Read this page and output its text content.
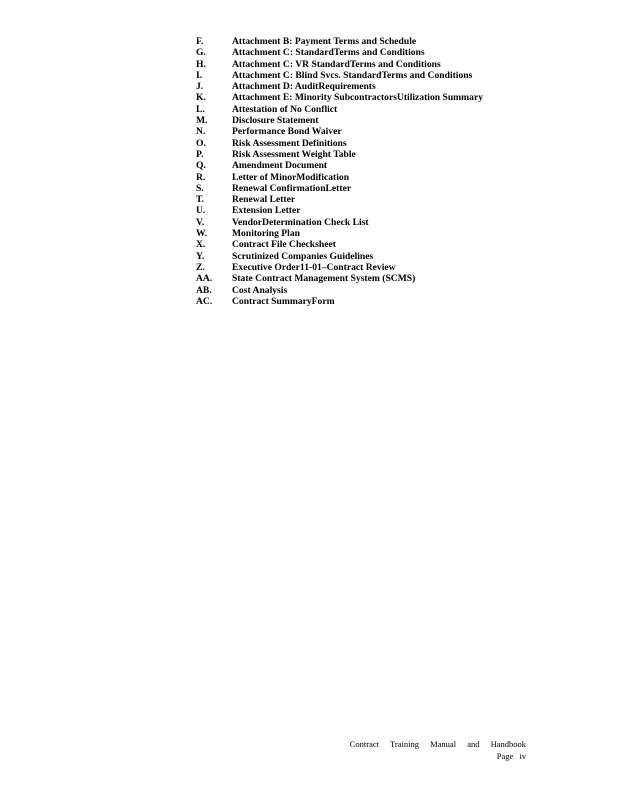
F.	Attachment B: Payment Terms and Schedule
G.	Attachment C: StandardTerms and Conditions
H.	Attachment C: VR StandardTerms and Conditions
I.	Attachment C: Blind Svcs. StandardTerms and Conditions
J.	Attachment D: AuditRequirements
K.	Attachment E: Minority SubcontractorsUtilization Summary
L.	Attestation of No Conflict
M.	Disclosure Statement
N.	Performance Bond Waiver
O.	Risk Assessment Definitions
P.	Risk Assessment Weight Table
Q.	Amendment Document
R.	Letter of MinorModification
S.	Renewal ConfirmationLetter
T.	Renewal Letter
U.	Extension Letter
V.	VendorDetermination Check List
W.	Monitoring Plan
X.	Contract File Checksheet
Y.	Scrutinized Companies Guidelines
Z.	Executive Order11-01–Contract Review
AA.	State Contract Management System (SCMS)
AB.	Cost Analysis
AC.	Contract SummaryForm
Contract Training Manual and Handbook
Page iv
